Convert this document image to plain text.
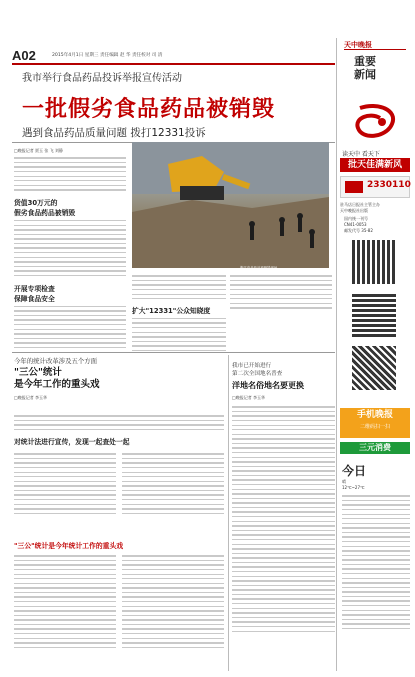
A02	2015年4月1日 星期三 责任编辑 赵 华 责任校对 司 清
天中晚报
重要
新闻
我市举行食品药品投诉举报宣传活动
一批假劣食品药品被销毁
遇到食品药品质量问题 拨打12331投诉
□晚报记者 贾玉 张 飞 刘静
货值30万元的
假劣食品药品被销毁
开展专项检查
保障食品安全
假劣食品药品被销毁现场
扩大"12331"公众知晓度
今年的统计改革涉及五个方面
"三公"统计
是今年工作的重头戏
□晚报记者 李玉华
对统计法进行宣传，发现一起查处一起
"三公"统计是今年统计工作的重头戏
我市已开始进行
第二次全国地名普查
洋地名俗地名要更换
□晚报记者 李玉华
读天中 看天下
批天佳满新风
2330110
驻马店日报社主管主办
天中晚报社出版
国内统一刊号
CN41-0053
邮发代号 35-82
手机晚报
二维码扫一扫
三元消费
今日
晴
12℃~27℃
